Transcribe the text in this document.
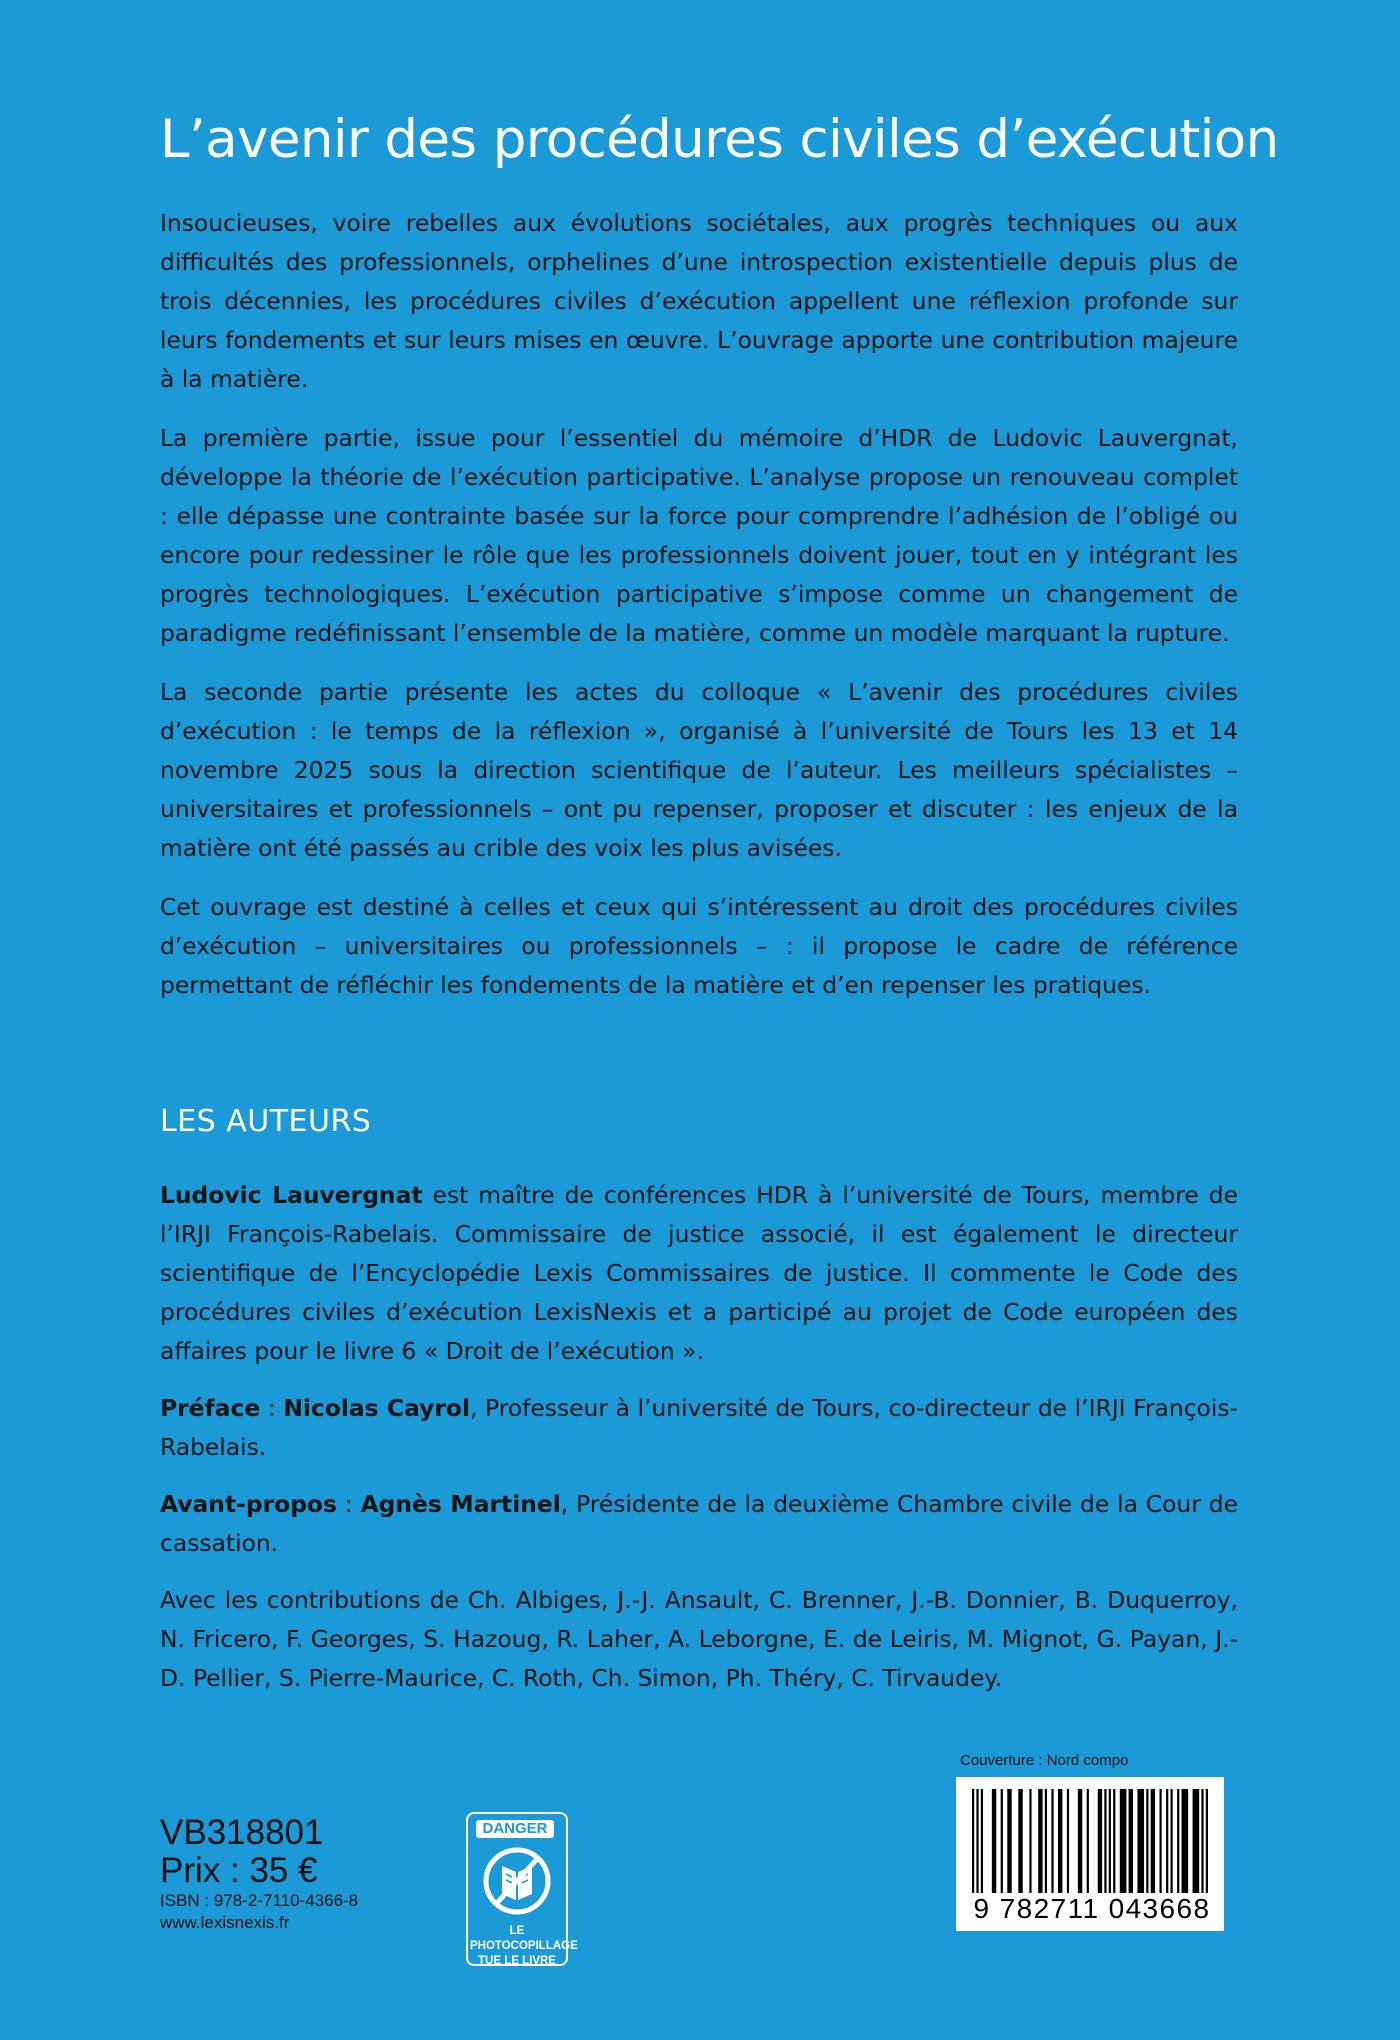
L’avenir des procédures civiles d’exécution

Insoucieuses, voire rebelles aux évolutions sociétales, aux progrès techniques ou aux difficultés des professionnels, orphelines d’une introspection existentielle depuis plus de trois décennies, les procédures civiles d’exécution appellent une réflexion profonde sur leurs fondements et sur leurs mises en œuvre. L’ouvrage apporte une contribution majeure à la matière.

La première partie, issue pour l’essentiel du mémoire d’HDR de Ludovic Lauvergnat, développe la théorie de l’exécution participative. L’analyse propose un renouveau complet : elle dépasse une contrainte basée sur la force pour comprendre l’adhésion de l’obligé ou encore pour redessiner le rôle que les professionnels doivent jouer, tout en y intégrant les progrès technologiques. L’exécution participative s’impose comme un changement de paradigme redéfinissant l’ensemble de la matière, comme un modèle marquant la rupture.

La seconde partie présente les actes du colloque « L’avenir des procédures civiles d’exécution : le temps de la réflexion », organisé à l’université de Tours les 13 et 14 novembre 2025 sous la direction scientifique de l’auteur. Les meilleurs spécialistes – universitaires et professionnels – ont pu repenser, proposer et discuter : les enjeux de la matière ont été passés au crible des voix les plus avisées.

Cet ouvrage est destiné à celles et ceux qui s’intéressent au droit des procédures civiles d’exécution – universitaires ou professionnels – : il propose le cadre de référence permettant de réfléchir les fondements de la matière et d’en repenser les pratiques.

LES AUTEURS

Ludovic Lauvergnat est maître de conférences HDR à l’université de Tours, membre de l’IRJI François-Rabelais. Commissaire de justice associé, il est également le directeur scientifique de l’Encyclopédie Lexis Commissaires de justice. Il commente le Code des procédures civiles d’exécution LexisNexis et a participé au projet de Code européen des affaires pour le livre 6 « Droit de l’exécution ».

Préface : Nicolas Cayrol, Professeur à l’université de Tours, co-directeur de l’IRJI François-Rabelais.

Avant-propos : Agnès Martinel, Présidente de la deuxième Chambre civile de la Cour de cassation.

Avec les contributions de Ch. Albiges, J.-J. Ansault, C. Brenner, J.-B. Donnier, B. Duquerroy, N. Fricero, F. Georges, S. Hazoug, R. Laher, A. Leborgne, E. de Leiris, M. Mignot, G. Payan, J.-D. Pellier, S. Pierre-Maurice, C. Roth, Ch. Simon, Ph. Théry, C. Tirvaudey.

VB318801
Prix : 35 €
ISBN : 978-2-7110-4366-8
www.lexisnexis.fr
DANGER
LE PHOTOCOPILLAGE
TUE LE LIVRE
Couverture : Nord compo
9 782711 043668
